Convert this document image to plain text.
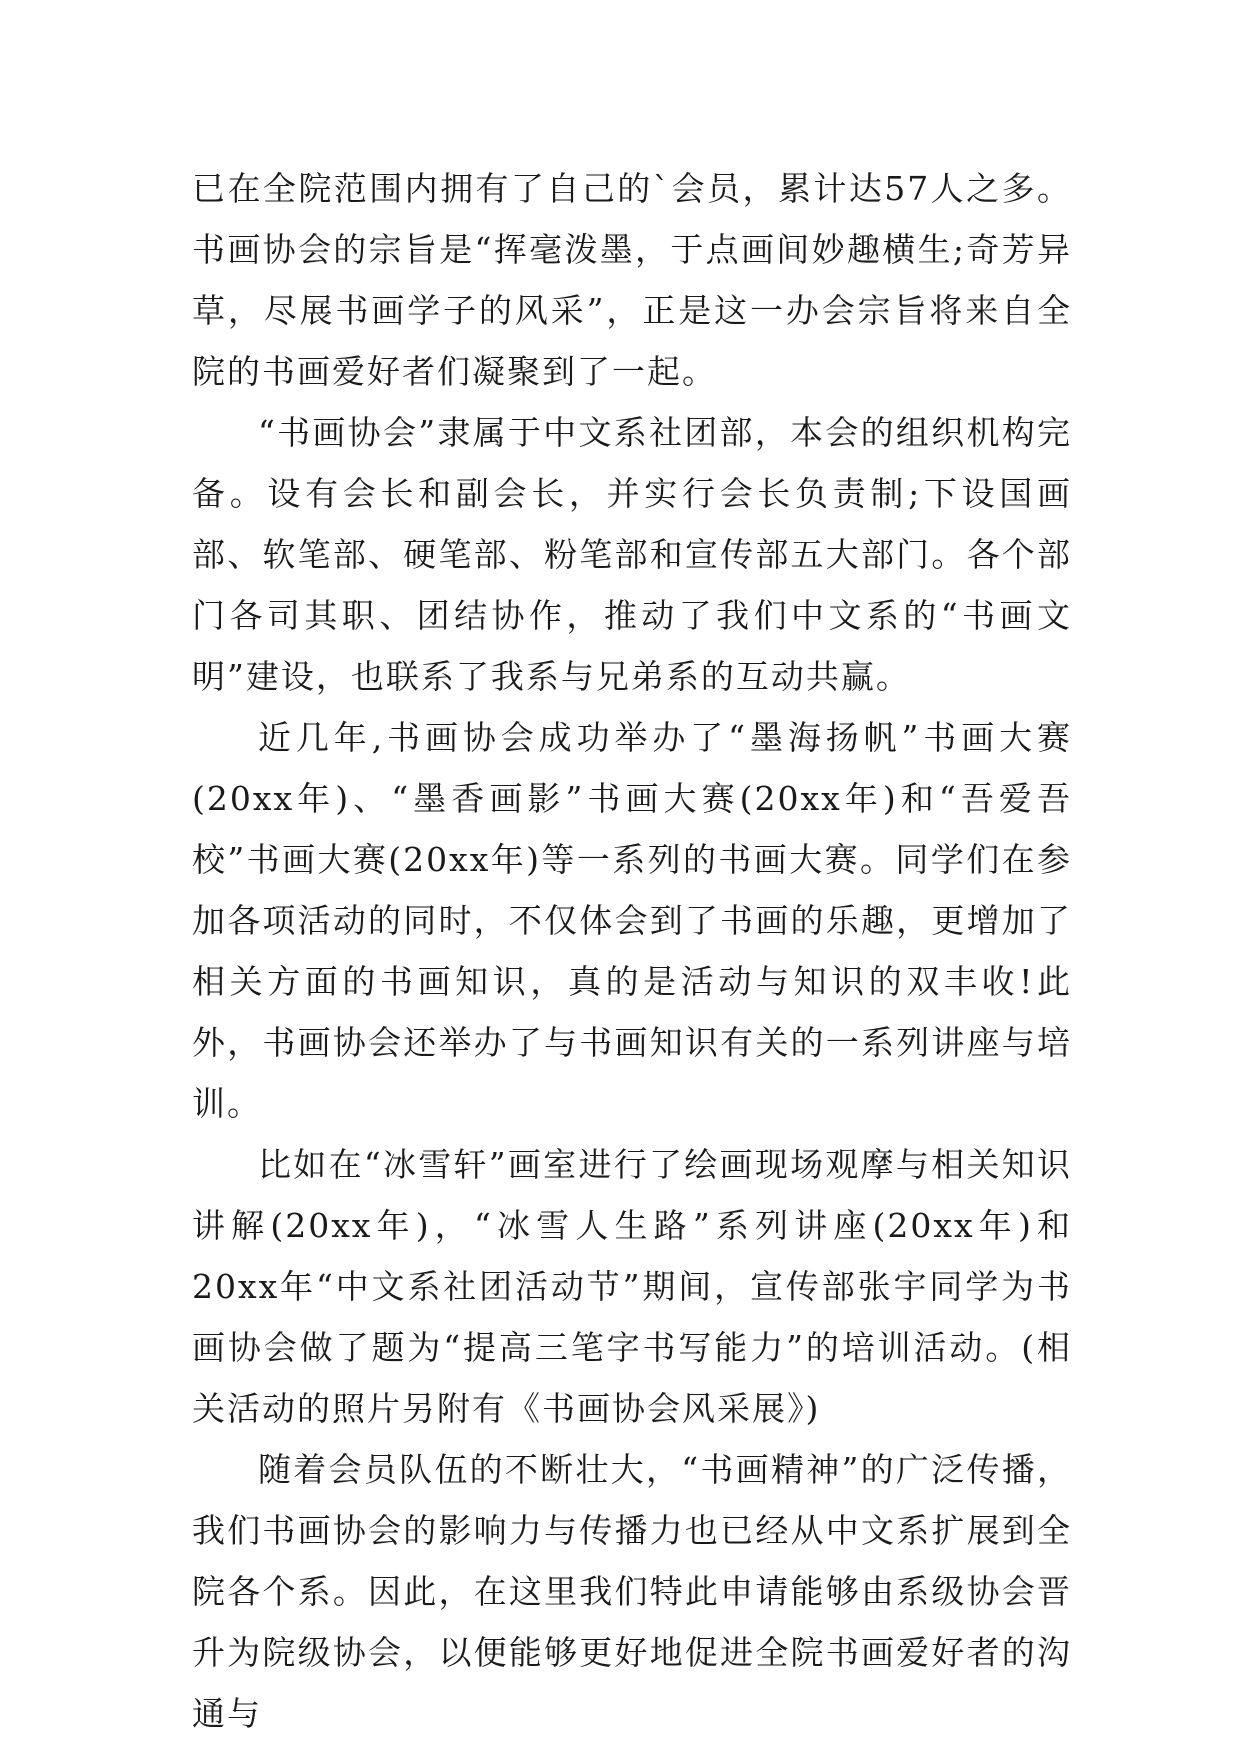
已在全院范围内拥有了自己的`会员，累计达57人之多。书画协会的宗旨是“挥毫泼墨，于点画间妙趣横生;奇芳异草，尽展书画学子的风采”，正是这一办会宗旨将来自全院的书画爱好者们凝聚到了一起。

“书画协会”隶属于中文系社团部，本会的组织机构完备。设有会长和副会长，并实行会长负责制;下设国画部、软笔部、硬笔部、粉笔部和宣传部五大部门。各个部门各司其职、团结协作，推动了我们中文系的“书画文明”建设，也联系了我系与兄弟系的互动共赢。

近几年,书画协会成功举办了“墨海扬帆”书画大赛(20xx年)、“墨香画影”书画大赛(20xx年)和“吾爱吾校”书画大赛(20xx年)等一系列的书画大赛。同学们在参加各项活动的同时，不仅体会到了书画的乐趣，更增加了相关方面的书画知识，真的是活动与知识的双丰收!此外，书画协会还举办了与书画知识有关的一系列讲座与培训。

比如在“冰雪轩”画室进行了绘画现场观摩与相关知识讲解(20xx年)，“冰雪人生路”系列讲座(20xx年)和20xx年“中文系社团活动节”期间，宣传部张宇同学为书画协会做了题为“提高三笔字书写能力”的培训活动。(相关活动的照片另附有《书画协会风采展》)

随着会员队伍的不断壮大，“书画精神”的广泛传播，我们书画协会的影响力与传播力也已经从中文系扩展到全院各个系。因此，在这里我们特此申请能够由系级协会晋升为院级协会，以便能够更好地促进全院书画爱好者的沟通与
